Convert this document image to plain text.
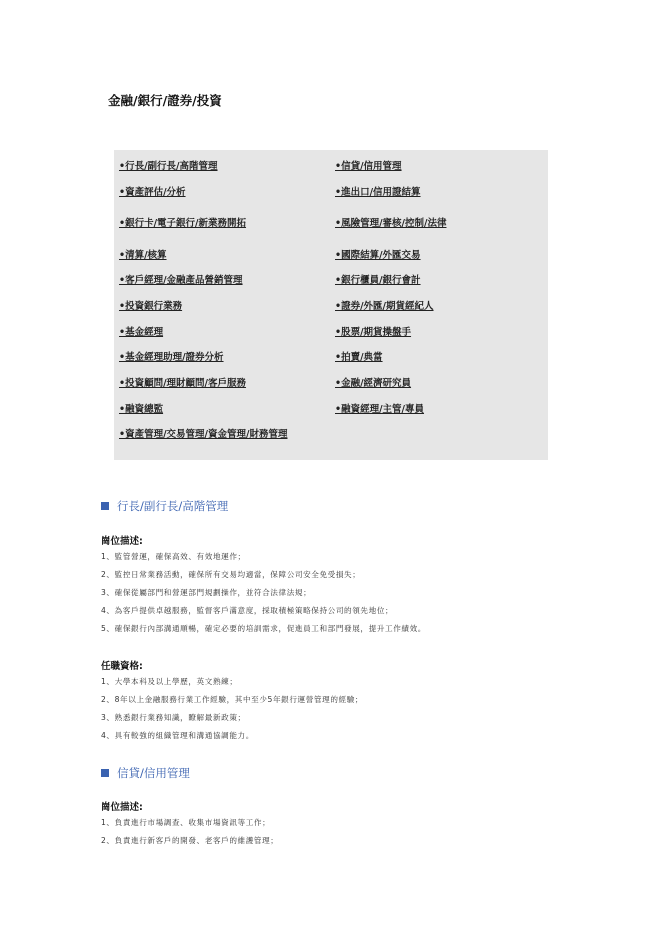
金融/銀行/證券/投資
•行長/副行長/高階管理
•資產評估/分析
•銀行卡/電子銀行/新業務開拓
•清算/核算
•客戶經理/金融產品營銷管理
•投資銀行業務
•基金經理
•基金經理助理/證券分析
•投資顧問/理財顧問/客戶服務
•融資總監
•資產管理/交易管理/資金管理/財務管理
•信貸/信用管理
•進出口/信用證結算
•風險管理/審核/控制/法律
•國際結算/外匯交易
•銀行櫃員/銀行會計
•證券/外匯/期貨經紀人
•股票/期貨操盤手
•拍賣/典當
•金融/經濟研究員
•融資經理/主管/專員
行長/副行長/高階管理
崗位描述:
1、監管營運，確保高效、有效地運作；
2、監控日常業務活動，確保所有交易均適當，保障公司安全免受損失；
3、確保從屬部門和營運部門規劃操作，並符合法律法規；
4、為客戶提供卓越服務，監督客戶滿意度，採取積極策略保持公司的領先地位；
5、確保銀行內部溝通順暢，確定必要的培訓需求，促進員工和部門發展，提升工作績效。
任職資格:
1、大學本科及以上學歷，英文熟練；
2、8年以上金融服務行業工作經驗，其中至少5年銀行運營管理的經驗；
3、熟悉銀行業務知識，瞭解最新政策；
4、具有較強的組織管理和溝通協調能力。
信貸/信用管理
崗位描述:
1、負責進行市場調查、收集市場資訊等工作；
2、負責進行新客戶的開發、老客戶的維護管理；
